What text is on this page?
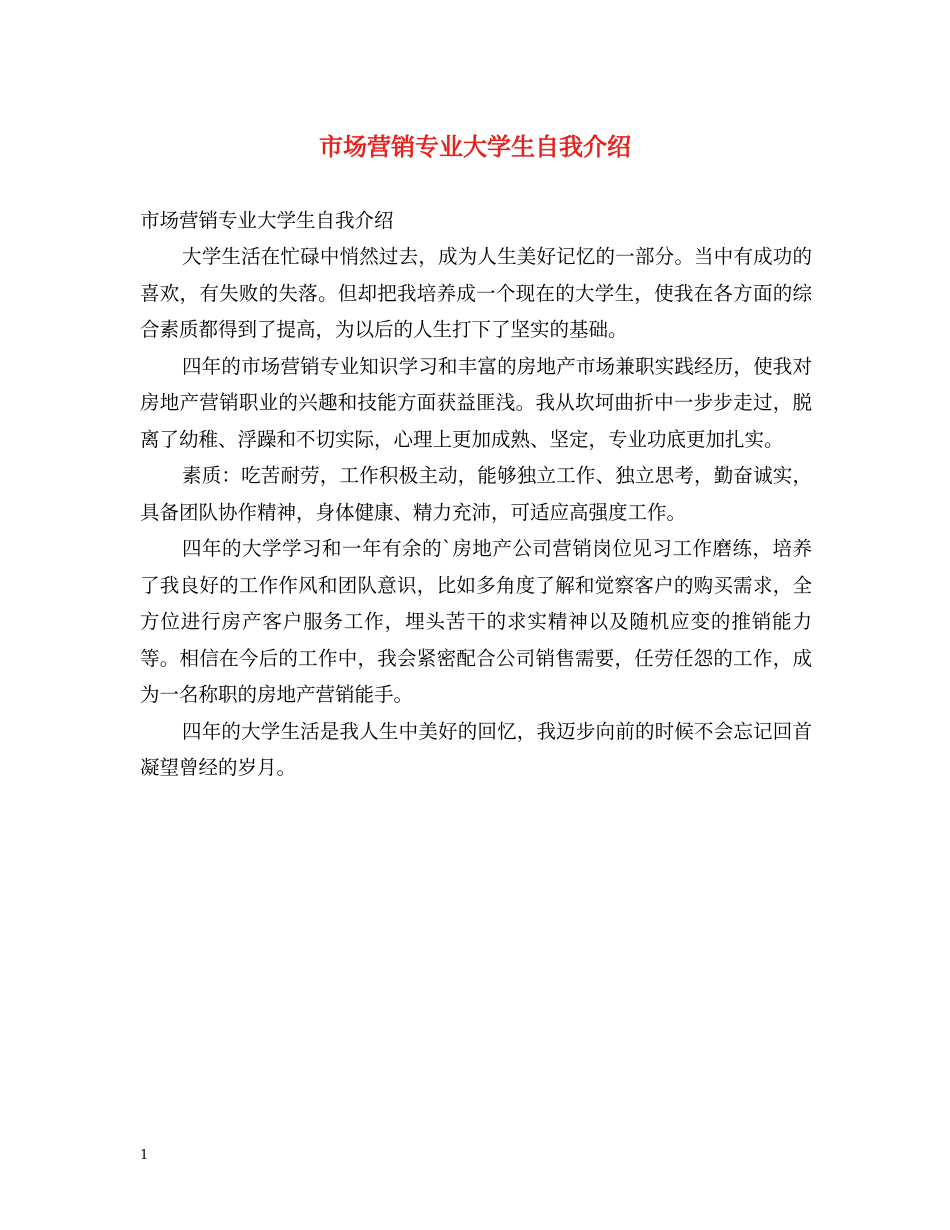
市场营销专业大学生自我介绍

市场营销专业大学生自我介绍

大学生活在忙碌中悄然过去，成为人生美好记忆的一部分。当中有成功的喜欢，有失败的失落。但却把我培养成一个现在的大学生，使我在各方面的综合素质都得到了提高，为以后的人生打下了坚实的基础。

四年的市场营销专业知识学习和丰富的房地产市场兼职实践经历，使我对房地产营销职业的兴趣和技能方面获益匪浅。我从坎坷曲折中一步步走过，脱离了幼稚、浮躁和不切实际，心理上更加成熟、坚定，专业功底更加扎实。

素质：吃苦耐劳，工作积极主动，能够独立工作、独立思考，勤奋诚实，具备团队协作精神，身体健康、精力充沛，可适应高强度工作。

四年的大学学习和一年有余的`房地产公司营销岗位见习工作磨练，培养了我良好的工作作风和团队意识，比如多角度了解和觉察客户的购买需求，全方位进行房产客户服务工作，埋头苦干的求实精神以及随机应变的推销能力等。相信在今后的工作中，我会紧密配合公司销售需要，任劳任怨的工作，成为一名称职的房地产营销能手。

四年的大学生活是我人生中美好的回忆，我迈步向前的时候不会忘记回首凝望曾经的岁月。

1
